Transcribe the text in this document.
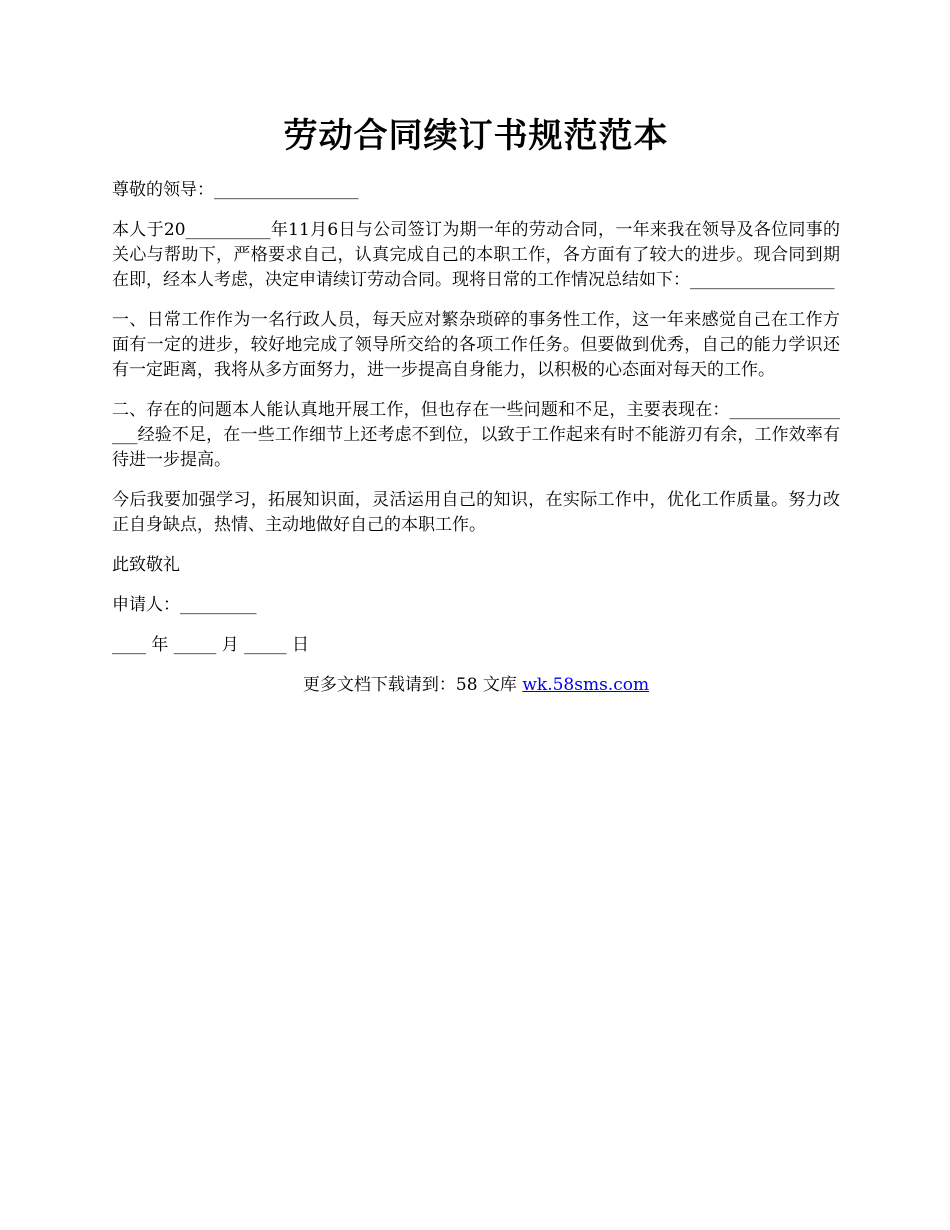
劳动合同续订书规范范本

尊敬的领导：_________________

本人于20__________年11月6日与公司签订为期一年的劳动合同，一年来我在领导及各位同事的关心与帮助下，严格要求自己，认真完成自己的本职工作，各方面有了较大的进步。现合同到期在即，经本人考虑，决定申请续订劳动合同。现将日常的工作情况总结如下：_________________

一、日常工作作为一名行政人员，每天应对繁杂琐碎的事务性工作，这一年来感觉自己在工作方面有一定的进步，较好地完成了领导所交给的各项工作任务。但要做到优秀，自己的能力学识还有一定距离，我将从多方面努力，进一步提高自身能力，以积极的心态面对每天的工作。

二、存在的问题本人能认真地开展工作，但也存在一些问题和不足，主要表现在：________________经验不足，在一些工作细节上还考虑不到位，以致于工作起来有时不能游刃有余，工作效率有待进一步提高。

今后我要加强学习，拓展知识面，灵活运用自己的知识，在实际工作中，优化工作质量。努力改正自身缺点，热情、主动地做好自己的本职工作。

此致敬礼

申请人：_________

____ 年 _____ 月 _____ 日

更多文档下载请到：58 文库 wk.58sms.com
